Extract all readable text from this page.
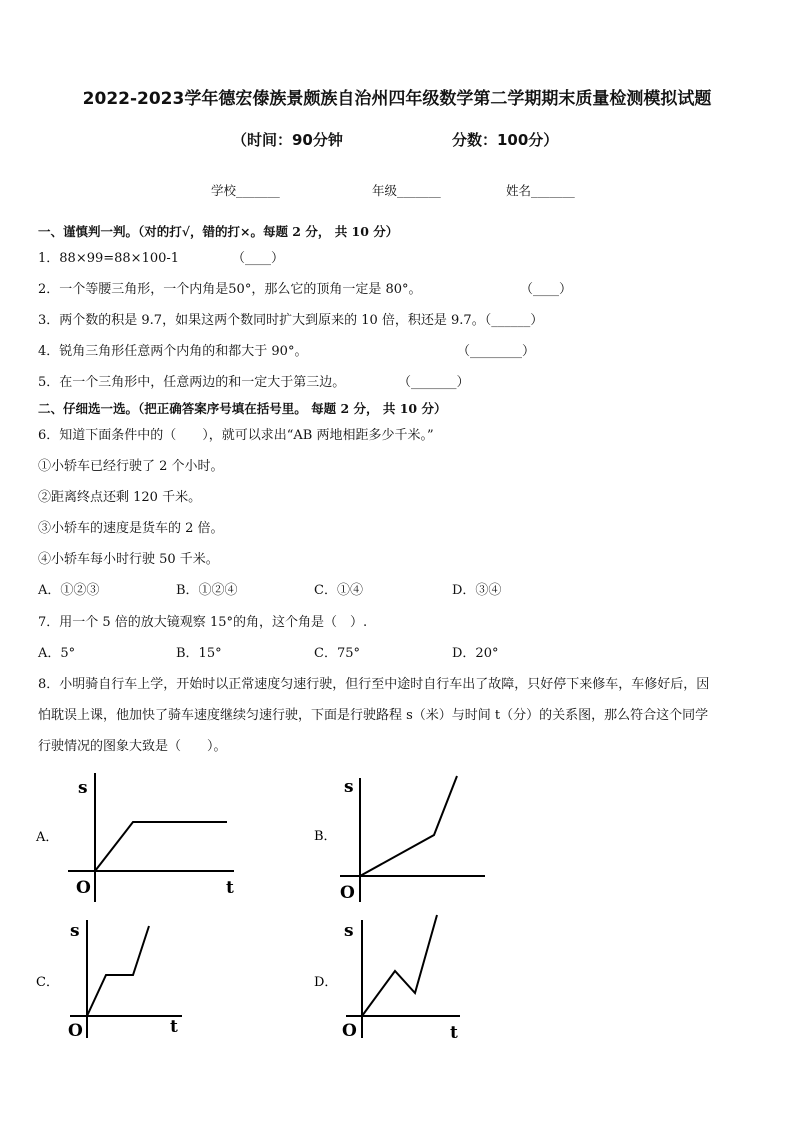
2022-2023学年德宏傣族景颇族自治州四年级数学第二学期期末质量检测模拟试题
（时间：90分钟	分数：100分）
学校_______	年级_______	姓名_______
一、谨慎判一判。（对的打√，错的打×。每题 2 分， 共 10 分）
1．88×99=88×100-1	（____）
2．一个等腰三角形，一个内角是50°，那么它的顶角一定是 80°。	（____）
3．两个数的积是 9.7，如果这两个数同时扩大到原来的 10 倍，积还是 9.7。（______）
4．锐角三角形任意两个内角的和都大于 90°。	（________）
5．在一个三角形中，任意两边的和一定大于第三边。	（_______）
二、仔细选一选。（把正确答案序号填在括号里。 每题 2 分， 共 10 分）
6．知道下面条件中的（　　），就可以求出“AB 两地相距多少千米。”
①小轿车已经行驶了 2 个小时。
②距离终点还剩 120 千米。
③小轿车的速度是货车的 2 倍。
④小轿车每小时行驶 50 千米。
A．①②③	B．①②④	C．①④	D．③④
7．用一个 5 倍的放大镜观察 15°的角，这个角是（　）.
A．5°	B．15°	C．75°	D．20°
8．小明骑自行车上学，开始时以正常速度匀速行驶，但行至中途时自行车出了故障，只好停下来修车，车修好后，因
怕耽误上课，他加快了骑车速度继续匀速行驶，下面是行驶路程 s（米）与时间 t（分）的关系图，那么符合这个同学
行驶情况的图象大致是（　　）。
A．
s
t
O
B．
s
O
C．
s
t
O
D．
s
t
O
